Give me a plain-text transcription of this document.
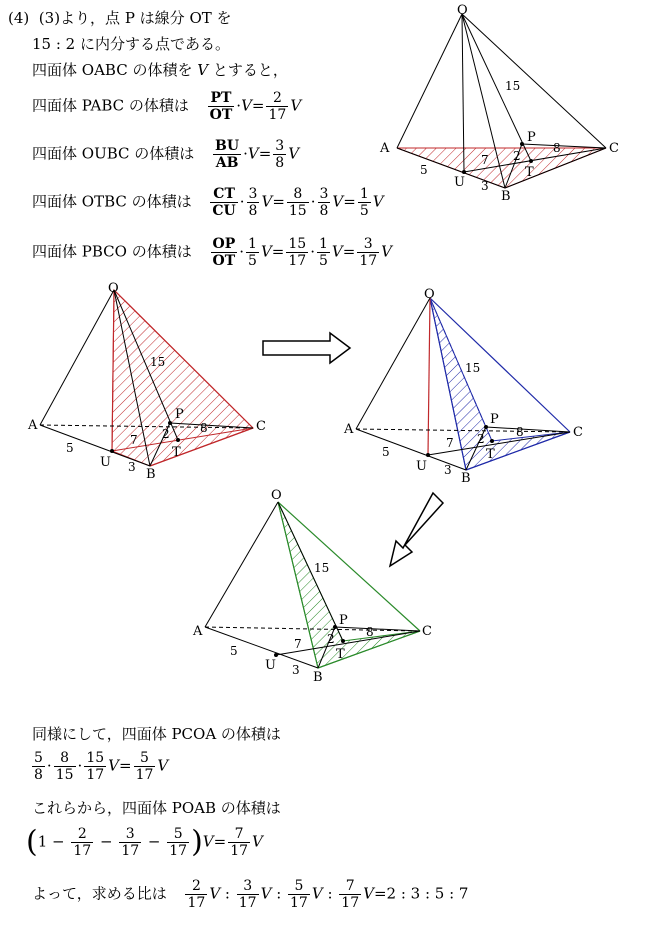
(4) (3)より，点 P は線分 OT を
15 : 2 に内分する点である。
四面体 OABC の体積を V とすると，
四面体 PABC の体積は $\frac{PT}{OT} \cdot V= \frac{2}{17}$ V
四面体 OUBC の体積は $\frac{BU}{AB} \cdot V= \frac{3}{8}$ V
四面体 OTBC の体積は $\frac{CT}{CU} \cdot \frac{3}{8} V= \frac{8}{15} \cdot \frac{3}{8} V= \frac{1}{5}$ V
四面体 PBCO の体積は $\frac{OP}{OT} \cdot \frac{1}{5} V= \frac{15}{17} \cdot \frac{1}{5} V= \frac{3}{17}$ V
O
A
B
C
P
T
U
15
5
3
7
8
2
O
A
B
C
P
T
U
15
5
3
7
8
2
O
A
B
C
P
T
U
15
5
3
7
8
2
O
A
B
C
P
T
U
15
5
3
7
8
2
同様にして，四面体 PCOA の体積は
$\frac{5}{8} \cdot \frac{8}{15} \cdot \frac{15}{17} V= \frac{5}{17}$ V
これらから，四面体 POAB の体積は
$(1 - \frac{2}{17} - \frac{3}{17} - \frac{5}{17} )V= \frac{7}{17}$ V
よって，求める比は $\frac{2}{17}$ V : $\frac{3}{17}$ V : $\frac{5}{17}$ V : $\frac{7}{17} V=2$ : 3 : 5 : 7
